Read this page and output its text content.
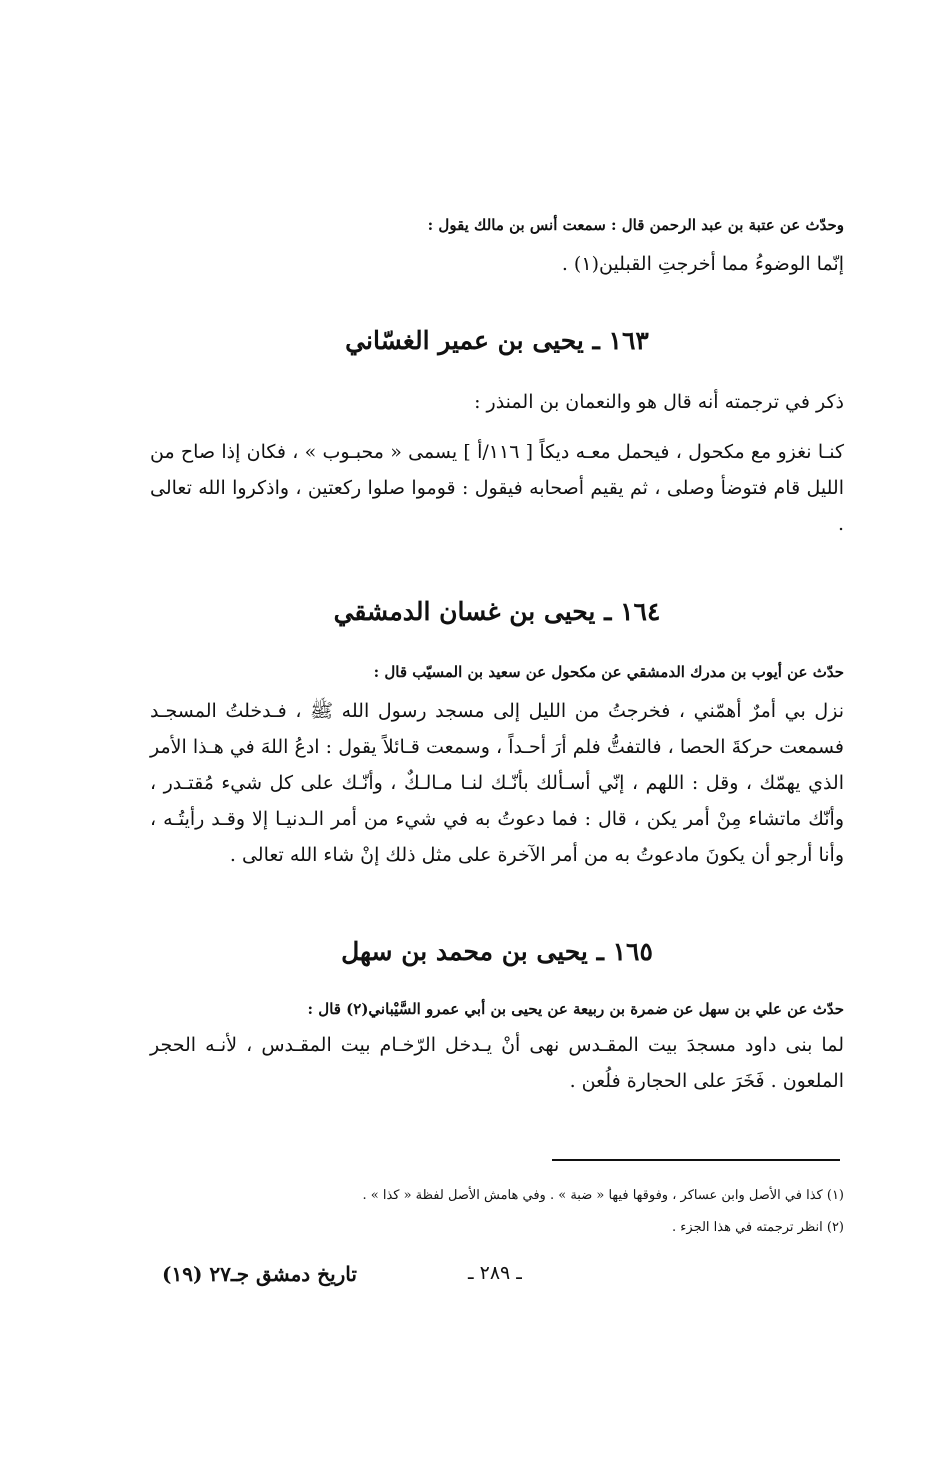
وحدّث عن عتبة بن عبد الرحمن قال : سمعت أنس بن مالك يقول :
إنّما الوضوءُ مما أخرجتِ القبلين(١) .
١٦٣ ـ يحيى بن عمير الغسّاني
ذكر في ترجمته أنه قال هو والنعمان بن المنذر :
كنـا نغزو مع مكحول ، فيحمل معـه ديكاً [ ١١٦/أ ] يسمى « محبـوب » ، فكان إذا صاح من الليل قام فتوضأ وصلى ، ثم يقيم أصحابه فيقول : قوموا صلوا ركعتين ، واذكروا الله تعالى .
١٦٤ ـ يحيى بن غسان الدمشقي
حدّث عن أيوب بن مدرك الدمشقي عن مكحول عن سعيد بن المسيّب قال :
نزل بي أمرٌ أهمّني ، فخرجتُ من الليل إلى مسجد رسول الله ﷺ ، فـدخلتُ المسجـد فسمعت حركةَ الحصا ، فالتفتُّ فلم أرَ أحـداً ، وسمعت قـائلاً يقول : ادعُ اللهَ في هـذا الأمر الذي يهمّك ، وقل : اللهم ، إنّي أسـألك بأنّـك لنـا مـالـكٌ ، وأنّـك على كل شيء مُقتـدر ، وأنّك ماتشاء مِنْ أمر يكن ، قال : فما دعوتُ به في شيء من أمر الـدنيـا إلا وقـد رأيتُـه ، وأنا أرجو أن يكونَ مادعوتُ به من أمر الآخرة على مثل ذلك إنْ شاء الله تعالى .
١٦٥ ـ يحيى بن محمد بن سهل
حدّث عن علي بن سهل عن ضمرة بن ربيعة عن يحيى بن أبي عمرو السَّيْباني(٢) قال :
لما بنى داود مسجدَ بيت المقـدس نهى أنْ يـدخل الرّخـام بيت المقـدس ، لأنـه الحجر الملعون . فَخَرَ على الحجارة فلُعن .
(١) كذا في الأصل وابن عساكر ، وفوقها فيها « ضبة » . وفي هامش الأصل لفظة « كذا » .
(٢) انظر ترجمته في هذا الجزء .
ـ ٢٨٩ ـ
تاريخ دمشق جـ٢٧ (١٩)
